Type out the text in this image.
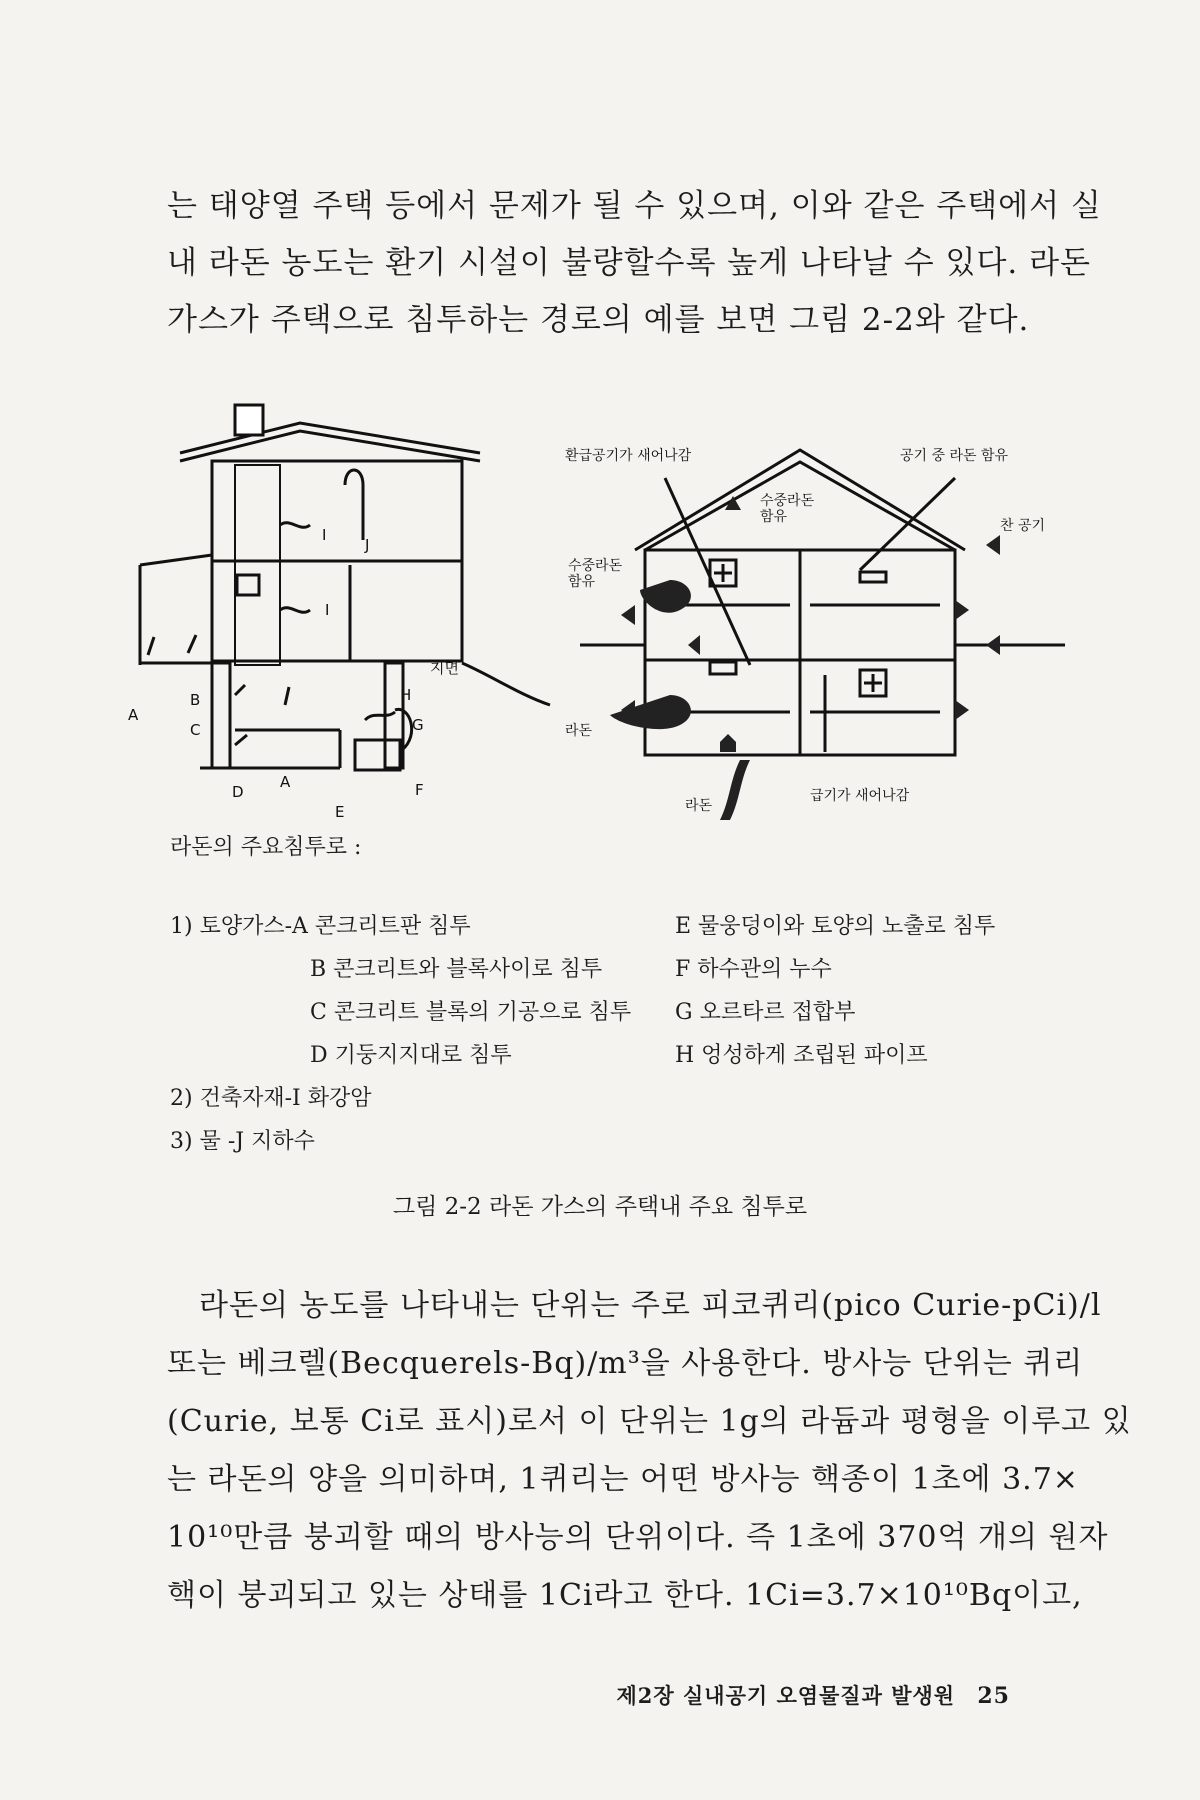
는 태양열 주택 등에서 문제가 될 수 있으며, 이와 같은 주택에서 실
내 라돈 농도는 환기 시설이 불량할수록 높게 나타날 수 있다. 라돈
가스가 주택으로 침투하는 경로의 예를 보면 그림 2-2와 같다.

I
J
I
지면
A
B
C
D
A
E
F
G
H
환급공기가 새어나감	공기 중 라돈 함유
수중라돈 함유
찬 공기
수중라돈 함유
라돈
라돈
급기가 새어나감
라돈의 주요침투로 :
1) 토양가스-A 콘크리트판 침투
B 콘크리트와 블록사이로 침투
C 콘크리트 블록의 기공으로 침투
D 기둥지지대로 침투
2) 건축자재-I 화강암
3) 물 -J 지하수
E 물웅덩이와 토양의 노출로 침투
F 하수관의 누수
G 오르타르 접합부
H 엉성하게 조립된 파이프
그림 2-2 라돈 가스의 주택내 주요 침투로

라돈의 농도를 나타내는 단위는 주로 피코퀴리(pico Curie-pCi)/l
또는 베크렐(Becquerels-Bq)/m³을 사용한다. 방사능 단위는 퀴리
(Curie, 보통 Ci로 표시)로서 이 단위는 1g의 라듐과 평형을 이루고 있
는 라돈의 양을 의미하며, 1퀴리는 어떤 방사능 핵종이 1초에 3.7×
10¹⁰만큼 붕괴할 때의 방사능의 단위이다. 즉 1초에 370억 개의 원자
핵이 붕괴되고 있는 상태를 1Ci라고 한다. 1Ci=3.7×10¹⁰Bq이고,

제2장 실내공기 오염물질과 발생원 25
